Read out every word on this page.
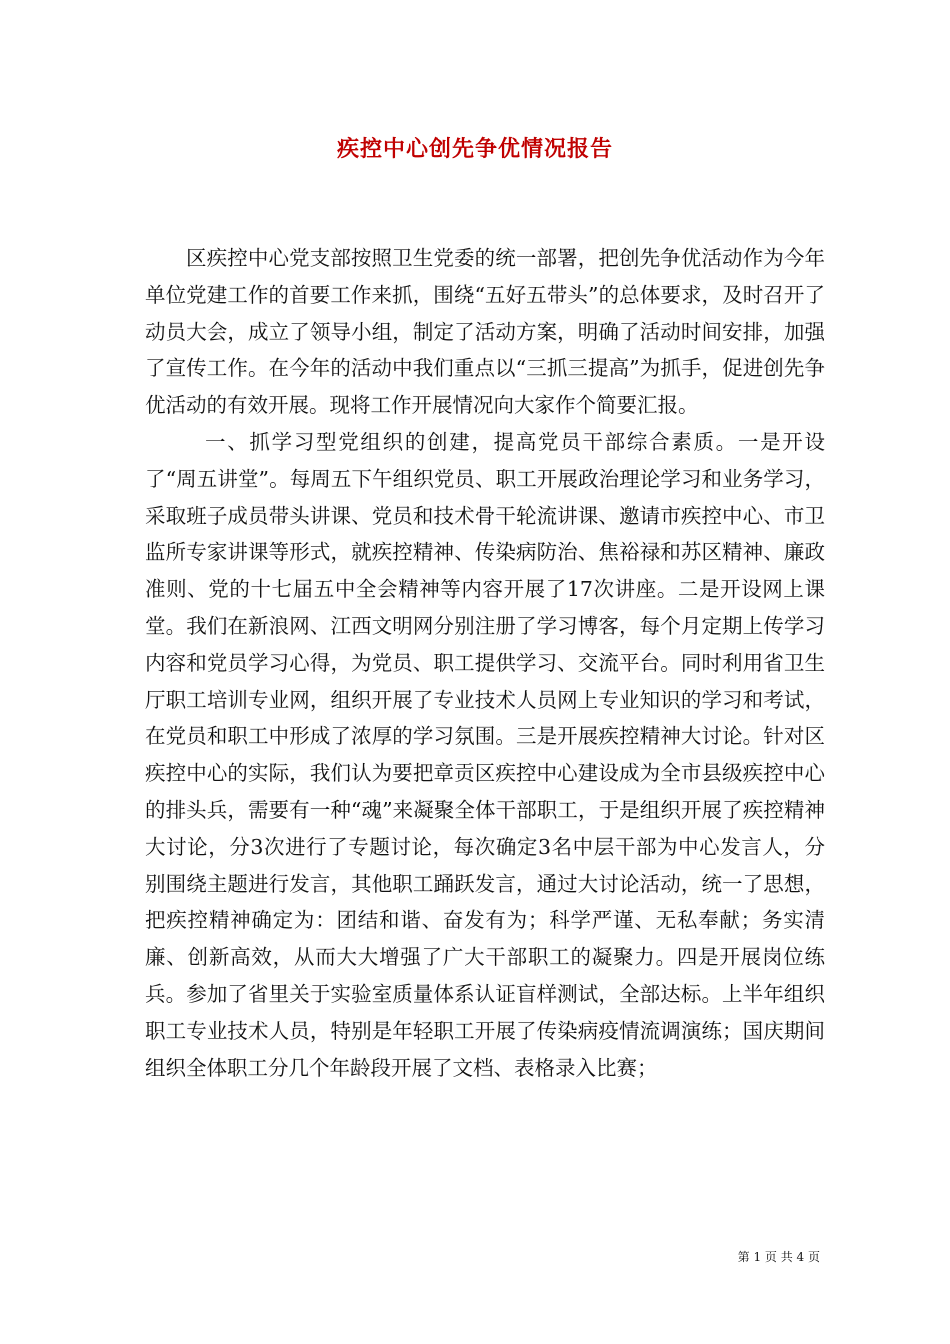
疾控中心创先争优情况报告

区疾控中心党支部按照卫生党委的统一部署，把创先争优活动作为今年单位党建工作的首要工作来抓，围绕“五好五带头”的总体要求，及时召开了动员大会，成立了领导小组，制定了活动方案，明确了活动时间安排，加强了宣传工作。在今年的活动中我们重点以“三抓三提高”为抓手，促进创先争优活动的有效开展。现将工作开展情况向大家作个简要汇报。

一、抓学习型党组织的创建，提高党员干部综合素质。一是开设了“周五讲堂”。每周五下午组织党员、职工开展政治理论学习和业务学习，采取班子成员带头讲课、党员和技术骨干轮流讲课、邀请市疾控中心、市卫监所专家讲课等形式，就疾控精神、传染病防治、焦裕禄和苏区精神、廉政准则、党的十七届五中全会精神等内容开展了17次讲座。二是开设网上课堂。我们在新浪网、江西文明网分别注册了学习博客，每个月定期上传学习内容和党员学习心得，为党员、职工提供学习、交流平台。同时利用省卫生厅职工培训专业网，组织开展了专业技术人员网上专业知识的学习和考试，在党员和职工中形成了浓厚的学习氛围。三是开展疾控精神大讨论。针对区疾控中心的实际，我们认为要把章贡区疾控中心建设成为全市县级疾控中心的排头兵，需要有一种“魂”来凝聚全体干部职工，于是组织开展了疾控精神大讨论，分3次进行了专题讨论，每次确定3名中层干部为中心发言人，分别围绕主题进行发言，其他职工踊跃发言，通过大讨论活动，统一了思想，把疾控精神确定为：团结和谐、奋发有为；科学严谨、无私奉献；务实清廉、创新高效，从而大大增强了广大干部职工的凝聚力。四是开展岗位练兵。参加了省里关于实验室质量体系认证盲样测试，全部达标。上半年组织职工专业技术人员，特别是年轻职工开展了传染病疫情流调演练；国庆期间组织全体职工分几个年龄段开展了文档、表格录入比赛；

第 1 页 共 4 页
